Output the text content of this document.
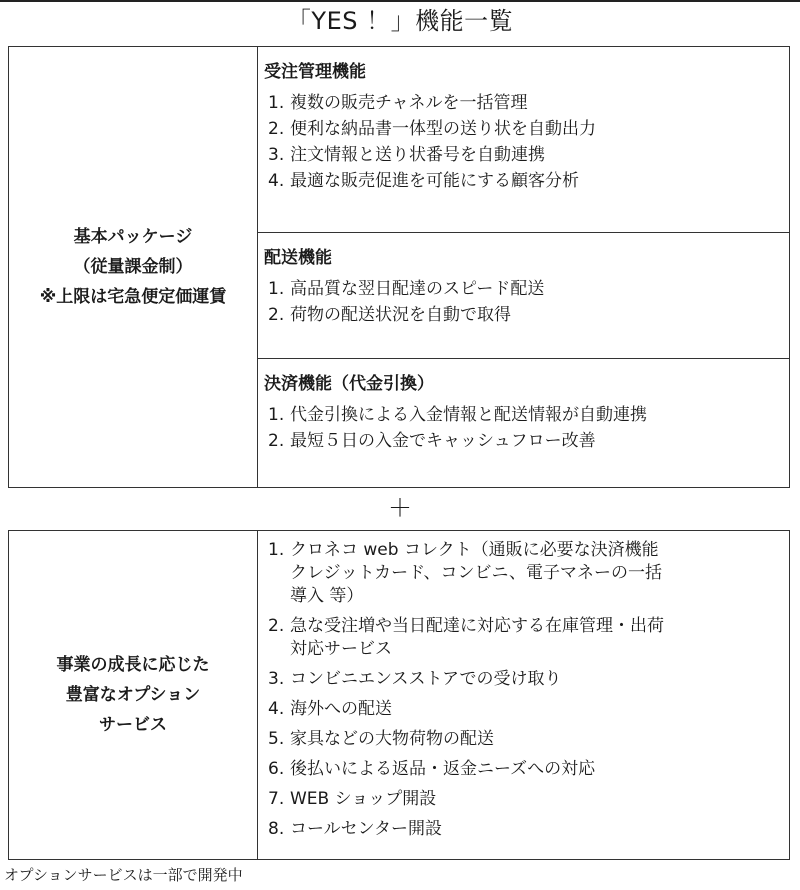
「YES ！」機能一覧
基本パッケージ
（従量課金制）
※上限は宅急便定価運賃
受注管理機能
1. 複数の販売チャネルを一括管理
2. 便利な納品書一体型の送り状を自動出力
3. 注文情報と送り状番号を自動連携
4. 最適な販売促進を可能にする顧客分析
配送機能
1. 高品質な翌日配達のスピード配送
2. 荷物の配送状況を自動で取得
決済機能（代金引換）
1. 代金引換による入金情報と配送情報が自動連携
2. 最短５日の入金でキャッシュフロー改善
＋
事業の成長に応じた
豊富なオプション
サービス
1. クロネコ web コレクト（通販に必要な決済機能
クレジットカード、コンビニ、電子マネーの一括
導入 等）
2. 急な受注増や当日配達に対応する在庫管理・出荷
対応サービス
3. コンビニエンスストアでの受け取り
4. 海外への配送
5. 家具などの大物荷物の配送
6. 後払いによる返品・返金ニーズへの対応
7. WEB ショップ開設
8. コールセンター開設
オプションサービスは一部で開発中
